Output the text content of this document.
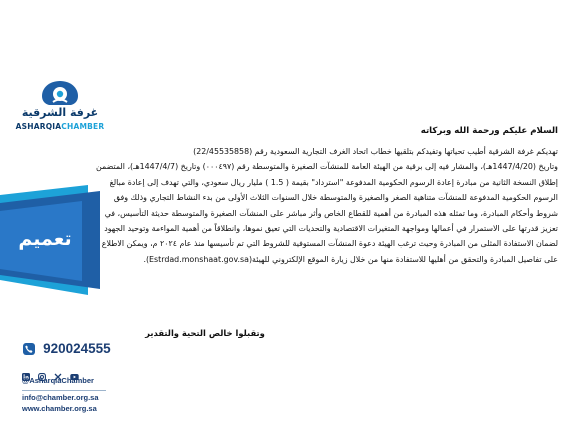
غرفة الشرقية
ASHARQIACHAMBER
تعميم
920024555

@AsharqiaChamber
info@chamber.org.sa
www.chamber.org.sa
السلام عليكم ورحمة الله وبركاته

تهديكم غرفة الشرقية أطيب تحياتها وتفيدكم بتلقيها خطاب اتحاد الغرف التجارية السعودية رقم (22/45535858)

وتاريخ (1447/4/20هـ)، والمشار فيه إلى برقية من الهيئة العامة للمنشآت الصغيرة والمتوسطة رقم (٠٠٠٤٩٧) وتاريخ (1447/4/7هـ)، المتضمن

إطلاق النسخة الثانية من مبادرة إعادة الرسوم الحكومية المدفوعة "استرداد" بقيمة ( 1.5 ) مليار ريال سعودي، والتي تهدف إلى إعادة مبالغ

الرسوم الحكومية المدفوعة للمنشآت متناهية الصغر والصغيرة والمتوسطة خلال السنوات الثلاث الأولى من بدء النشاط التجاري وذلك وفق

شروط وأحكام المبادرة، وما تمثله هذه المبادرة من أهمية للقطاع الخاص وأثر مباشر على المنشآت الصغيرة والمتوسطة حديثة التأسيس، في

تعزيز قدرتها على الاستمرار في أعمالها ومواجهة المتغيرات الاقتصادية والتحديات التي تعيق نموها، وانطلاقاً من أهمية المواءمة وتوحيد الجهود

لضمان الاستفادة المثلى من المبادرة وحيث ترغب الهيئة دعوة المنشآت المستوفية للشروط التي تم تأسيسها منذ عام ٢٠٢٤ م، ويمكن الاطلاع

على تفاصيل المبادرة والتحقق من أهليها للاستفادة منها من خلال زيارة الموقع الإلكتروني للهيئة(Estrdad.monshaat.gov.sa).

وتقبلوا خالص التحية والتقدير
